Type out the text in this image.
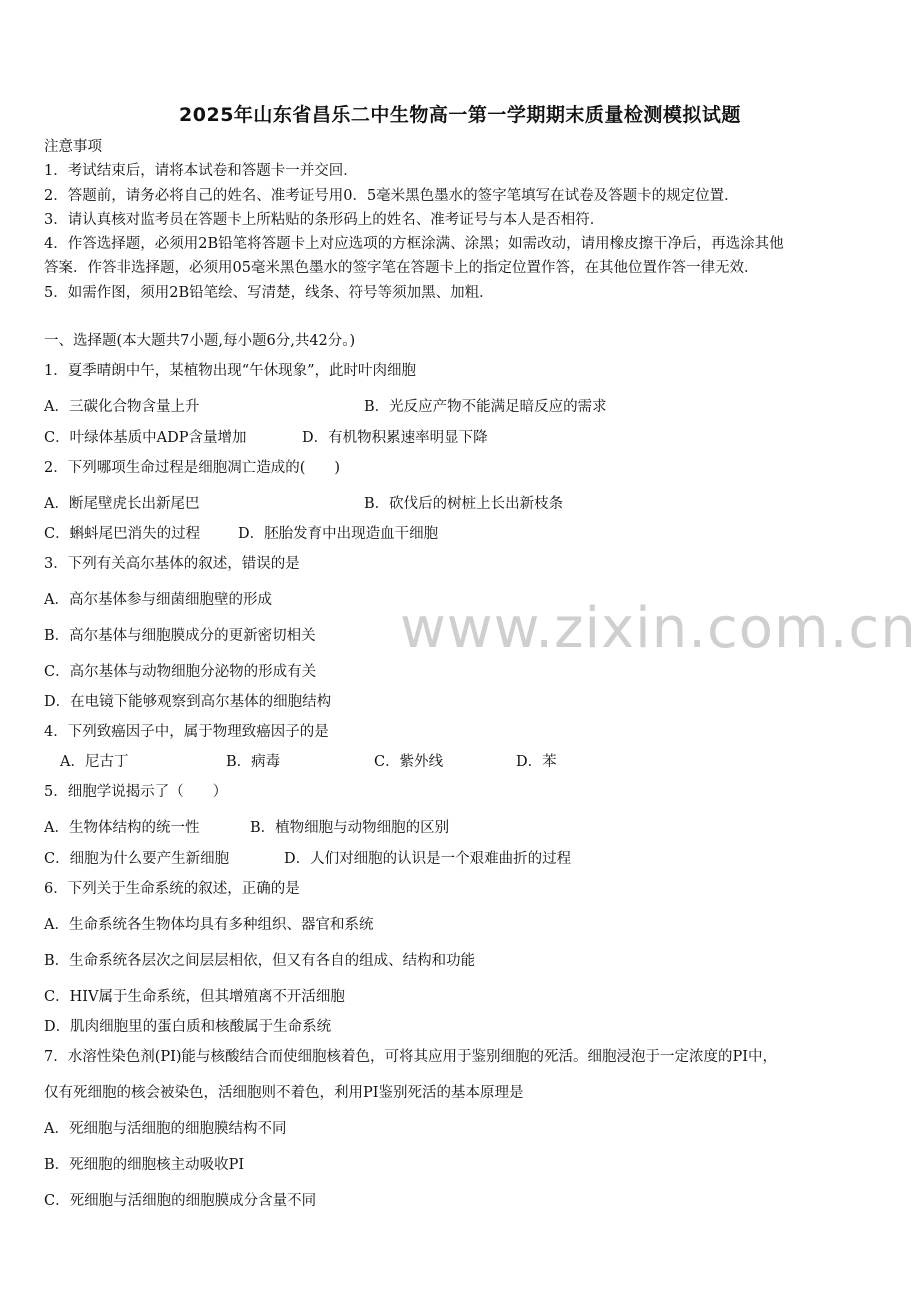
www.zixin.com.cn
2025年山东省昌乐二中生物高一第一学期期末质量检测模拟试题
注意事项
1．考试结束后，请将本试卷和答题卡一并交回．
2．答题前，请务必将自己的姓名、准考证号用0．5毫米黑色墨水的签字笔填写在试卷及答题卡的规定位置．
3．请认真核对监考员在答题卡上所粘贴的条形码上的姓名、准考证号与本人是否相符．
4．作答选择题，必须用2B铅笔将答题卡上对应选项的方框涂满、涂黑；如需改动，请用橡皮擦干净后，再选涂其他
答案．作答非选择题，必须用05毫米黑色墨水的签字笔在答题卡上的指定位置作答，在其他位置作答一律无效．
5．如需作图，须用2B铅笔绘、写清楚，线条、符号等须加黑、加粗．
一、选择题(本大题共7小题,每小题6分,共42分。)
1．夏季晴朗中午，某植物出现“午休现象”，此时叶肉细胞
A．三碳化合物含量上升	B．光反应产物不能满足暗反应的需求
C．叶绿体基质中ADP含量增加	D．有机物积累速率明显下降
2．下列哪项生命过程是细胞凋亡造成的(　　)
A．断尾壁虎长出新尾巴	B．砍伐后的树桩上长出新枝条
C．蝌蚪尾巴消失的过程	D．胚胎发育中出现造血干细胞
3．下列有关高尔基体的叙述，错误的是
A．高尔基体参与细菌细胞壁的形成
B．高尔基体与细胞膜成分的更新密切相关
C．高尔基体与动物细胞分泌物的形成有关
D．在电镜下能够观察到高尔基体的细胞结构
4．下列致癌因子中，属于物理致癌因子的是
A．尼古丁	B．病毒	C．紫外线	D．苯
5．细胞学说揭示了（　　）
A．生物体结构的统一性	B．植物细胞与动物细胞的区别
C．细胞为什么要产生新细胞	D．人们对细胞的认识是一个艰难曲折的过程
6．下列关于生命系统的叙述，正确的是
A．生命系统各生物体均具有多种组织、器官和系统
B．生命系统各层次之间层层相依，但又有各自的组成、结构和功能
C．HIV属于生命系统，但其增殖离不开活细胞
D．肌肉细胞里的蛋白质和核酸属于生命系统
7．水溶性染色剂(PI)能与核酸结合而使细胞核着色，可将其应用于鉴别细胞的死活。细胞浸泡于一定浓度的PI中，
仅有死细胞的核会被染色，活细胞则不着色，利用PI鉴别死活的基本原理是
A．死细胞与活细胞的细胞膜结构不同
B．死细胞的细胞核主动吸收PI
C．死细胞与活细胞的细胞膜成分含量不同
